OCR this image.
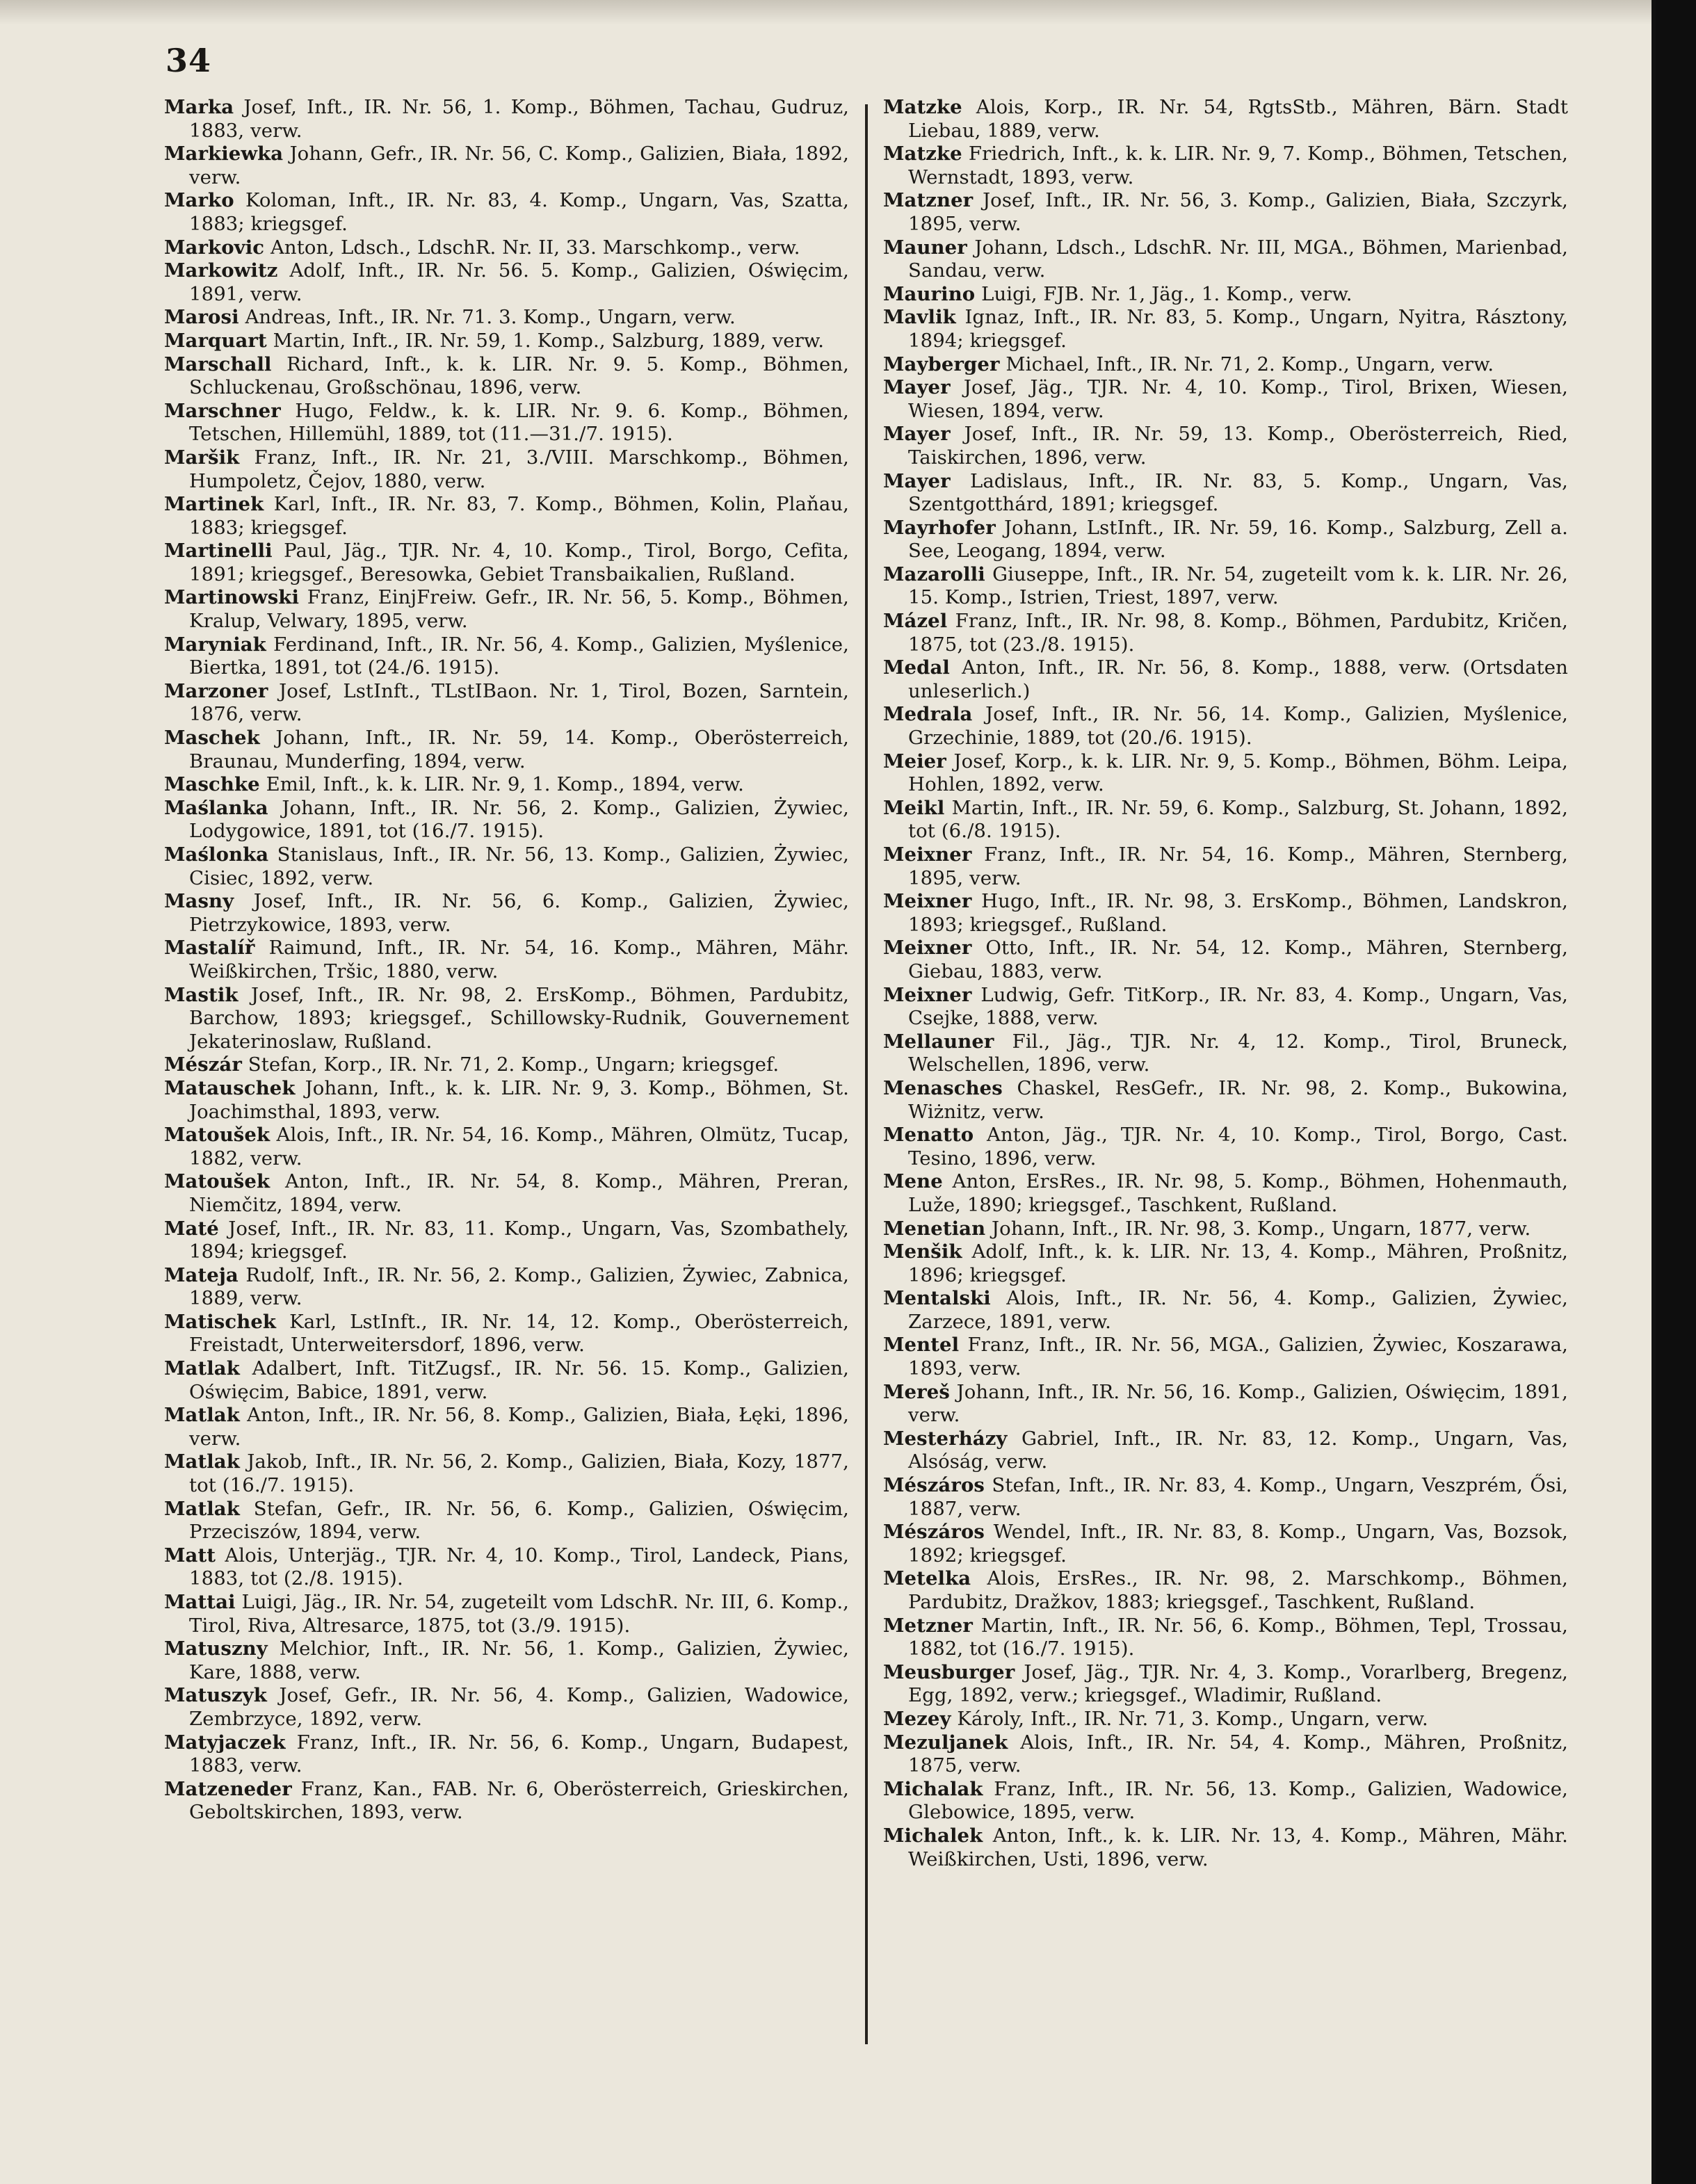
34
Marka Josef, Inft., IR. Nr. 56, 1. Komp., Böhmen, Tachau, Gudruz, 1883, verw.
Markiewka Johann, Gefr., IR. Nr. 56, C. Komp., Galizien, Biała, 1892, verw.
Marko Koloman, Inft., IR. Nr. 83, 4. Komp., Ungarn, Vas, Szatta, 1883; kriegsgef.
Markovic Anton, Ldsch., LdschR. Nr. II, 33. Marschkomp., verw.
Markowitz Adolf, Inft., IR. Nr. 56. 5. Komp., Galizien, Oświęcim, 1891, verw.
Marosi Andreas, Inft., IR. Nr. 71. 3. Komp., Ungarn, verw.
Marquart Martin, Inft., IR. Nr. 59, 1. Komp., Salzburg, 1889, verw.
Marschall Richard, Inft., k. k. LIR. Nr. 9. 5. Komp., Böhmen, Schluckenau, Großschönau, 1896, verw.
Marschner Hugo, Feldw., k. k. LIR. Nr. 9. 6. Komp., Böhmen, Tetschen, Hillemühl, 1889, tot (11.—31./7. 1915).
Maršik Franz, Inft., IR. Nr. 21, 3./VIII. Marschkomp., Böhmen, Humpoletz, Čejov, 1880, verw.
Martinek Karl, Inft., IR. Nr. 83, 7. Komp., Böhmen, Kolin, Plaňau, 1883; kriegsgef.
Martinelli Paul, Jäg., TJR. Nr. 4, 10. Komp., Tirol, Borgo, Cefita, 1891; kriegsgef., Beresowka, Gebiet Transbaikalien, Rußland.
Martinowski Franz, EinjFreiw. Gefr., IR. Nr. 56, 5. Komp., Böhmen, Kralup, Velwary, 1895, verw.
Maryniak Ferdinand, Inft., IR. Nr. 56, 4. Komp., Galizien, Myślenice, Biertka, 1891, tot (24./6. 1915).
Marzoner Josef, LstInft., TLstIBaon. Nr. 1, Tirol, Bozen, Sarntein, 1876, verw.
Maschek Johann, Inft., IR. Nr. 59, 14. Komp., Oberösterreich, Braunau, Munderfing, 1894, verw.
Maschke Emil, Inft., k. k. LIR. Nr. 9, 1. Komp., 1894, verw.
Maślanka Johann, Inft., IR. Nr. 56, 2. Komp., Galizien, Żywiec, Lodygowice, 1891, tot (16./7. 1915).
Maślonka Stanislaus, Inft., IR. Nr. 56, 13. Komp., Galizien, Żywiec, Cisiec, 1892, verw.
Masny Josef, Inft., IR. Nr. 56, 6. Komp., Galizien, Żywiec, Pietrzykowice, 1893, verw.
Mastalíř Raimund, Inft., IR. Nr. 54, 16. Komp., Mähren, Mähr. Weißkirchen, Tršic, 1880, verw.
Mastik Josef, Inft., IR. Nr. 98, 2. ErsKomp., Böhmen, Pardubitz, Barchow, 1893; kriegsgef., Schillowsky-Rudnik, Gouvernement Jekaterinoslaw, Rußland.
Mészár Stefan, Korp., IR. Nr. 71, 2. Komp., Ungarn; kriegsgef.
Matauschek Johann, Inft., k. k. LIR. Nr. 9, 3. Komp., Böhmen, St. Joachimsthal, 1893, verw.
Matoušek Alois, Inft., IR. Nr. 54, 16. Komp., Mähren, Olmütz, Tucap, 1882, verw.
Matoušek Anton, Inft., IR. Nr. 54, 8. Komp., Mähren, Preran, Niemčitz, 1894, verw.
Maté Josef, Inft., IR. Nr. 83, 11. Komp., Ungarn, Vas, Szombathely, 1894; kriegsgef.
Mateja Rudolf, Inft., IR. Nr. 56, 2. Komp., Galizien, Żywiec, Zabnica, 1889, verw.
Matischek Karl, LstInft., IR. Nr. 14, 12. Komp., Oberösterreich, Freistadt, Unterweitersdorf, 1896, verw.
Matlak Adalbert, Inft. TitZugsf., IR. Nr. 56. 15. Komp., Galizien, Oświęcim, Babice, 1891, verw.
Matlak Anton, Inft., IR. Nr. 56, 8. Komp., Galizien, Biała, Łęki, 1896, verw.
Matlak Jakob, Inft., IR. Nr. 56, 2. Komp., Galizien, Biała, Kozy, 1877, tot (16./7. 1915).
Matlak Stefan, Gefr., IR. Nr. 56, 6. Komp., Galizien, Oświęcim, Przeciszów, 1894, verw.
Matt Alois, Unterjäg., TJR. Nr. 4, 10. Komp., Tirol, Landeck, Pians, 1883, tot (2./8. 1915).
Mattai Luigi, Jäg., IR. Nr. 54, zugeteilt vom LdschR. Nr. III, 6. Komp., Tirol, Riva, Altresarce, 1875, tot (3./9. 1915).
Matuszny Melchior, Inft., IR. Nr. 56, 1. Komp., Galizien, Żywiec, Kare, 1888, verw.
Matuszyk Josef, Gefr., IR. Nr. 56, 4. Komp., Galizien, Wadowice, Zembrzyce, 1892, verw.
Matyjaczek Franz, Inft., IR. Nr. 56, 6. Komp., Ungarn, Budapest, 1883, verw.
Matzeneder Franz, Kan., FAB. Nr. 6, Oberösterreich, Grieskirchen, Geboltskirchen, 1893, verw.
Matzke Alois, Korp., IR. Nr. 54, RgtsStb., Mähren, Bärn. Stadt Liebau, 1889, verw.
Matzke Friedrich, Inft., k. k. LIR. Nr. 9, 7. Komp., Böhmen, Tetschen, Wernstadt, 1893, verw.
Matzner Josef, Inft., IR. Nr. 56, 3. Komp., Galizien, Biała, Szczyrk, 1895, verw.
Mauner Johann, Ldsch., LdschR. Nr. III, MGA., Böhmen, Marienbad, Sandau, verw.
Maurino Luigi, FJB. Nr. 1, Jäg., 1. Komp., verw.
Mavlik Ignaz, Inft., IR. Nr. 83, 5. Komp., Ungarn, Nyitra, Rásztony, 1894; kriegsgef.
Mayberger Michael, Inft., IR. Nr. 71, 2. Komp., Ungarn, verw.
Mayer Josef, Jäg., TJR. Nr. 4, 10. Komp., Tirol, Brixen, Wiesen, Wiesen, 1894, verw.
Mayer Josef, Inft., IR. Nr. 59, 13. Komp., Oberösterreich, Ried, Taiskirchen, 1896, verw.
Mayer Ladislaus, Inft., IR. Nr. 83, 5. Komp., Ungarn, Vas, Szentgotthárd, 1891; kriegsgef.
Mayrhofer Johann, LstInft., IR. Nr. 59, 16. Komp., Salzburg, Zell a. See, Leogang, 1894, verw.
Mazarolli Giuseppe, Inft., IR. Nr. 54, zugeteilt vom k. k. LIR. Nr. 26, 15. Komp., Istrien, Triest, 1897, verw.
Mázel Franz, Inft., IR. Nr. 98, 8. Komp., Böhmen, Pardubitz, Kričen, 1875, tot (23./8. 1915).
Medal Anton, Inft., IR. Nr. 56, 8. Komp., 1888, verw. (Ortsdaten unleserlich.)
Medrala Josef, Inft., IR. Nr. 56, 14. Komp., Galizien, Myślenice, Grzechinie, 1889, tot (20./6. 1915).
Meier Josef, Korp., k. k. LIR. Nr. 9, 5. Komp., Böhmen, Böhm. Leipa, Hohlen, 1892, verw.
Meikl Martin, Inft., IR. Nr. 59, 6. Komp., Salzburg, St. Johann, 1892, tot (6./8. 1915).
Meixner Franz, Inft., IR. Nr. 54, 16. Komp., Mähren, Sternberg, 1895, verw.
Meixner Hugo, Inft., IR. Nr. 98, 3. ErsKomp., Böhmen, Landskron, 1893; kriegsgef., Rußland.
Meixner Otto, Inft., IR. Nr. 54, 12. Komp., Mähren, Sternberg, Giebau, 1883, verw.
Meixner Ludwig, Gefr. TitKorp., IR. Nr. 83, 4. Komp., Ungarn, Vas, Csejke, 1888, verw.
Mellauner Fil., Jäg., TJR. Nr. 4, 12. Komp., Tirol, Bruneck, Welschellen, 1896, verw.
Menasches Chaskel, ResGefr., IR. Nr. 98, 2. Komp., Bukowina, Wiżnitz, verw.
Menatto Anton, Jäg., TJR. Nr. 4, 10. Komp., Tirol, Borgo, Cast. Tesino, 1896, verw.
Mene Anton, ErsRes., IR. Nr. 98, 5. Komp., Böhmen, Hohenmauth, Luže, 1890; kriegsgef., Taschkent, Rußland.
Menetian Johann, Inft., IR. Nr. 98, 3. Komp., Ungarn, 1877, verw.
Menšik Adolf, Inft., k. k. LIR. Nr. 13, 4. Komp., Mähren, Proßnitz, 1896; kriegsgef.
Mentalski Alois, Inft., IR. Nr. 56, 4. Komp., Galizien, Żywiec, Zarzece, 1891, verw.
Mentel Franz, Inft., IR. Nr. 56, MGA., Galizien, Żywiec, Koszarawa, 1893, verw.
Mereš Johann, Inft., IR. Nr. 56, 16. Komp., Galizien, Oświęcim, 1891, verw.
Mesterházy Gabriel, Inft., IR. Nr. 83, 12. Komp., Ungarn, Vas, Alsóság, verw.
Mészáros Stefan, Inft., IR. Nr. 83, 4. Komp., Ungarn, Veszprém, Ősi, 1887, verw.
Mészáros Wendel, Inft., IR. Nr. 83, 8. Komp., Ungarn, Vas, Bozsok, 1892; kriegsgef.
Metelka Alois, ErsRes., IR. Nr. 98, 2. Marschkomp., Böhmen, Pardubitz, Dražkov, 1883; kriegsgef., Taschkent, Rußland.
Metzner Martin, Inft., IR. Nr. 56, 6. Komp., Böhmen, Tepl, Trossau, 1882, tot (16./7. 1915).
Meusburger Josef, Jäg., TJR. Nr. 4, 3. Komp., Vorarlberg, Bregenz, Egg, 1892, verw.; kriegsgef., Wladimir, Rußland.
Mezey Károly, Inft., IR. Nr. 71, 3. Komp., Ungarn, verw.
Mezuljanek Alois, Inft., IR. Nr. 54, 4. Komp., Mähren, Proßnitz, 1875, verw.
Michalak Franz, Inft., IR. Nr. 56, 13. Komp., Galizien, Wadowice, Glebowice, 1895, verw.
Michalek Anton, Inft., k. k. LIR. Nr. 13, 4. Komp., Mähren, Mähr. Weißkirchen, Usti, 1896, verw.
